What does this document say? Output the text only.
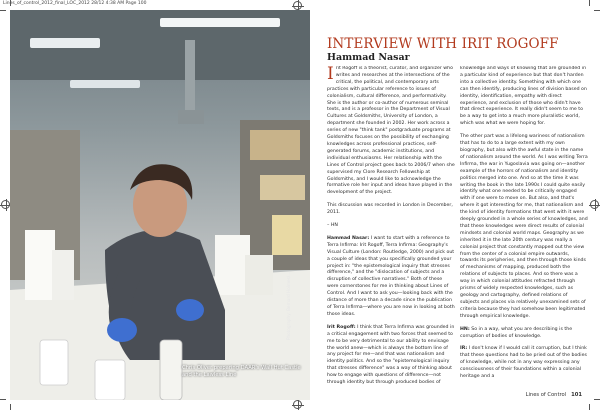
Lines_of_control_2012_final_LOC_2012 28/12 4:38 AM Page 100
Chris Oliver preparing DAAR's Wall Hut Castle and the Lawless Line
Photography: Bernard Holmes/...
INTERVIEW WITH IRIT ROGOFF
Hammad Nasar

Irit Rogoff is a theorist, curator, and organizer who writes and researches at the intersections of the critical, the political, and contemporary arts practices with particular reference to issues of colonialism, cultural difference, and performativity. She is the author or co-author of numerous seminal texts, and is a professor in the Department of Visual Cultures at Goldsmiths, University of London, a department she founded in 2002. Her work across a series of new "think tank" postgraduate programs at Goldsmiths focuses on the possibility of exchanging knowledges across professional practices, self-generated forums, academic institutions, and individual enthusiasms. Her relationship with the Lines of Control project goes back to 2006/7 when she supervised my Clore Research Fellowship at Goldsmiths, and I would like to acknowledge the formative role her input and ideas have played in the development of the project.

This discussion was recorded in London in December, 2011.

– HN

Hammad Nasar: I want to start with a reference to Terra Infirma: Irit Rogoff, Terra Infirma: Geography's Visual Culture (London: Routledge, 2000) and pick out a couple of ideas that you specifically grounded your project in: "the epistemological inquiry that stresses difference," and the "dislocation of subjects and a disruption of collective narratives." Both of these were cornerstones for me in thinking about Lines of Control. And I want to ask you—looking back with the distance of more than a decade since the publication of Terra Infirma—where you are now in looking at both those ideas.

Irit Rogoff: I think that Terra Infirma was grounded in a critical engagement with two forces that seemed to me to be very detrimental to our ability to envisage the world anew—which is always the bottom line of any project for me—and that was nationalism and identity politics. And so the "epistemological inquiry that stresses difference" was a way of thinking about how to engage with questions of difference—not through identity but through produced bodies of

knowledge and ways of knowing that are grounded in a particular kind of experience but that don't harden into a collective identity. Something with which one can then identify, producing lines of division based on identity, identification, empathy with direct experience, and exclusion of those who didn't have that direct experience. It really didn't seem to me to be a way to get into a much more pluralistic world, which was what we were hoping for.

The other part was a lifelong wariness of nationalism that has to do to a large extent with my own biography, but also with the awful state in the name of nationalism around the world. As I was writing Terra Infirma, the war in Yugoslavia was going on—another example of the horrors of nationalism and identity politics merged into one. And so at the time it was writing the book in the late 1990s I could quite easily identify what one needed to be critically engaged with if one were to move on. But also, and that's where it got interesting for me, that nationalism and the kind of identity formations that went with it were deeply grounded in a whole series of knowledges, and that these knowledges were direct results of colonial mindsets and colonial world maps. Geography as we inherited it in the late 20th century was really a colonial project that constantly mapped out the view from the center of a colonial empire outwards, towards its peripheries, and then through those kinds of mechanisms of mapping, produced both the relations of subjects to places. And so there was a way in which colonial attitudes refracted through prisms of widely respected knowledges, such as geology and cartography, defined relations of subjects and places via relatively unexamined sets of criteria because they had somehow been legitimated through empirical knowledge.

HN: So in a way, what you are describing is the corruption of bodies of knowledge.

IR: I don't know if I would call it corruption, but I think that these questions had to be pried out of the bodies of knowledge, while not in any way expressing any consciousness of their foundations within a colonial heritage and a

Lines of Control 101
